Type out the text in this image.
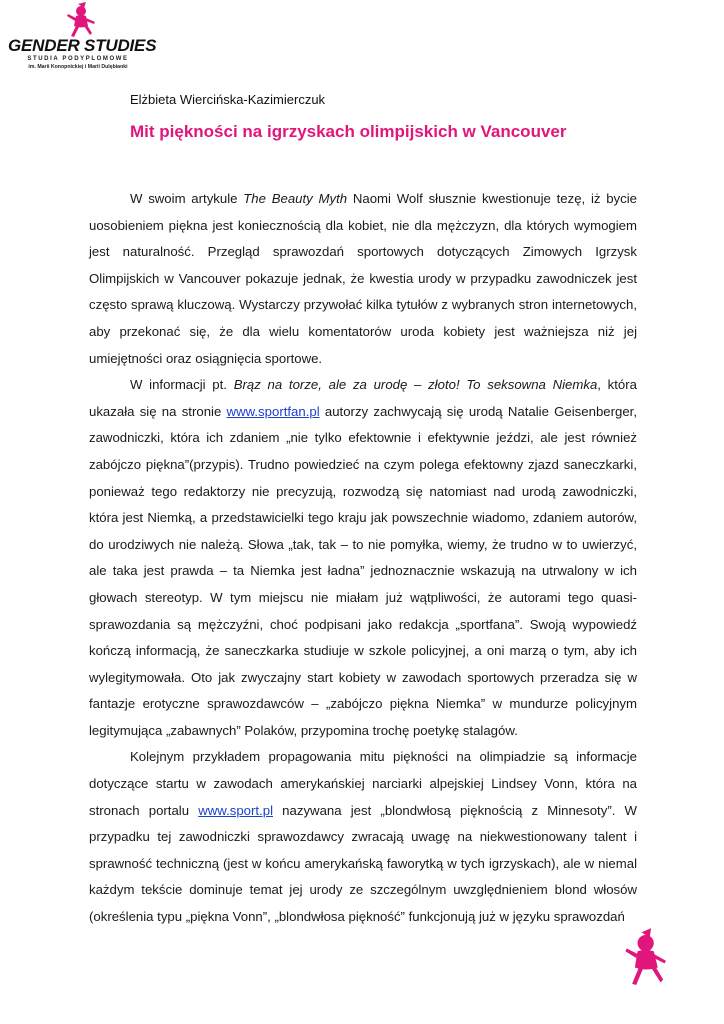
GENDER STUDIES
STUDIA PODYPLOMOWE
im. Marii Konopnickiej i Marii Dulębianki
Elżbieta Wiercińska-Kazimierczuk
Mit piękności na igrzyskach olimpijskich w Vancouver

W swoim artykule The Beauty Myth Naomi Wolf słusznie kwestionuje tezę, iż bycie uosobieniem piękna jest koniecznością dla kobiet, nie dla mężczyzn, dla których wymogiem jest naturalność. Przegląd sprawozdań sportowych dotyczących Zimowych Igrzysk Olimpijskich w Vancouver pokazuje jednak, że kwestia urody w przypadku zawodniczek jest często sprawą kluczową. Wystarczy przywołać kilka tytułów z wybranych stron internetowych, aby przekonać się, że dla wielu komentatorów uroda kobiety jest ważniejsza niż jej umiejętności oraz osiągnięcia sportowe.

W informacji pt. Brąz na torze, ale za urodę – złoto! To seksowna Niemka, która ukazała się na stronie www.sportfan.pl autorzy zachwycają się urodą Natalie Geisenberger, zawodniczki, która ich zdaniem „nie tylko efektownie i efektywnie jeździ, ale jest również zabójczo piękna”(przypis). Trudno powiedzieć na czym polega efektowny zjazd saneczkarki, ponieważ tego redaktorzy nie precyzują, rozwodzą się natomiast nad urodą zawodniczki, która jest Niemką, a przedstawicielki tego kraju jak powszechnie wiadomo, zdaniem autorów, do urodziwych nie należą. Słowa „tak, tak – to nie pomyłka, wiemy, że trudno w to uwierzyć, ale taka jest prawda – ta Niemka jest ładna” jednoznacznie wskazują na utrwalony w ich głowach stereotyp. W tym miejscu nie miałam już wątpliwości, że autorami tego quasi-sprawozdania są mężczyźni, choć podpisani jako redakcja „sportfana”. Swoją wypowiedź kończą informacją, że saneczkarka studiuje w szkole policyjnej, a oni marzą o tym, aby ich wylegitymowała. Oto jak zwyczajny start kobiety w zawodach sportowych przeradza się w fantazje erotyczne sprawozdawców – „zabójczo piękna Niemka” w mundurze policyjnym legitymująca „zabawnych” Polaków, przypomina trochę poetykę stalagów.

Kolejnym przykładem propagowania mitu piękności na olimpiadzie są informacje dotyczące startu w zawodach amerykańskiej narciarki alpejskiej Lindsey Vonn, która na stronach portalu www.sport.pl nazywana jest „blondwłosą pięknością z Minnesoty”. W przypadku tej zawodniczki sprawozdawcy zwracają uwagę na niekwestionowany talent i sprawność techniczną (jest w końcu amerykańską faworytką w tych igrzyskach), ale w niemal każdym tekście dominuje temat jej urody ze szczególnym uwzględnieniem blond włosów (określenia typu „piękna Vonn”, „blondwłosa piękność” funkcjonują już w języku sprawozdań
